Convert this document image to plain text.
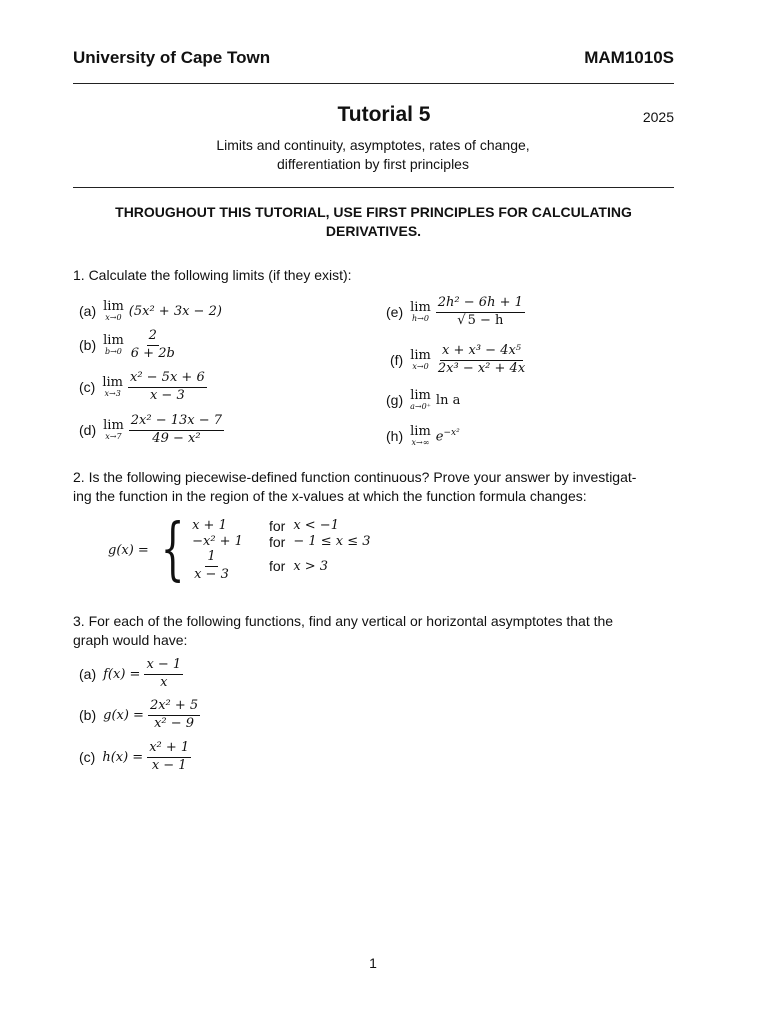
University of Cape Town	MAM1010S
Tutorial 5	2025
Limits and continuity, asymptotes, rates of change,
differentiation by first principles
THROUGHOUT THIS TUTORIAL, USE FIRST PRINCIPLES FOR CALCULATING
DERIVATIVES.
1. Calculate the following limits (if they exist):
(a) lim
x→0 (5x² + 3x − 2)
(b) lim
$b\to 0 \frac{2}{6 + 2b}$
(c) lim
$x\to 3 \frac{\text{x² − 5x + 6}}{x - 3}$
(d) lim
$x\to 7 \frac{\text{2x² − 13x − 7}}{\text{49 − x²}}$
(e) lim
$h\to 0 \frac{\text{2h² − 6h + 1}}{√ 5 - h}$
(f) lim
$x\to 0 \frac{\text{x + x³ − 4x⁵}}{\text{2x³ − x² + 4x}}$
(g) lim
a→0⁺ ln a
(h) lim
x→∞ $e^{-x^2}$
2. Is the following piecewise-defined function continuous? Prove your answer by investigat-
ing the function in the region of the x-values at which the function formula changes:
g(x) = { x + 1	for	x < −1
−x² + 1	for	− 1 ≤ x ≤ 3

$\frac{1}{x - 3}$	for	x > 3
3. For each of the following functions, find any vertical or horizontal asymptotes that the
graph would have:
(a) $f(x) = \frac{x - 1}{x}$
(b) $g(x) = \frac{\text{2x² + 5}}{\text{x² − 9}}$
(c) $h(x) = \frac{\text{x² + 1}}{x - 1}$
1
